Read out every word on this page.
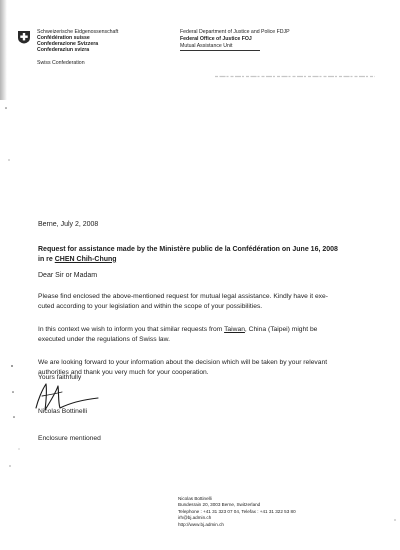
Schweizerische Eidgenossenschaft
Confédération suisse
Confederazione Svizzera
Confederaziun svizra
Swiss Confederation
Federal Department of Justice and Police FDJP
Federal Office of Justice FOJ
Mutual Assistance Unit
Berne, July 2, 2008
Request for assistance made by the Ministère public de la Confédération on June 16, 2008
in re CHEN Chih-Chung
Dear Sir or Madam
Please find enclosed the above-mentioned request for mutual legal assistance. Kindly have it exe-
cuted according to your legislation and within the scope of your possibilities.
In this context we wish to inform you that similar requests from Taiwan, China (Taipei) might be
executed under the regulations of Swiss law.
We are looking forward to your information about the decision which will be taken by your relevant
authorities and thank you very much for your cooperation.
Yours faithfully
Nicolas Bottinelli
Enclosure mentioned
Nicolas Bottinelli
Bundesrain 20, 3003 Berne, Switzerland
Telephone : +41 31 323 07 04, Telefax : +41 31 322 53 80
irh@bj.admin.ch
http://www.bj.admin.ch
